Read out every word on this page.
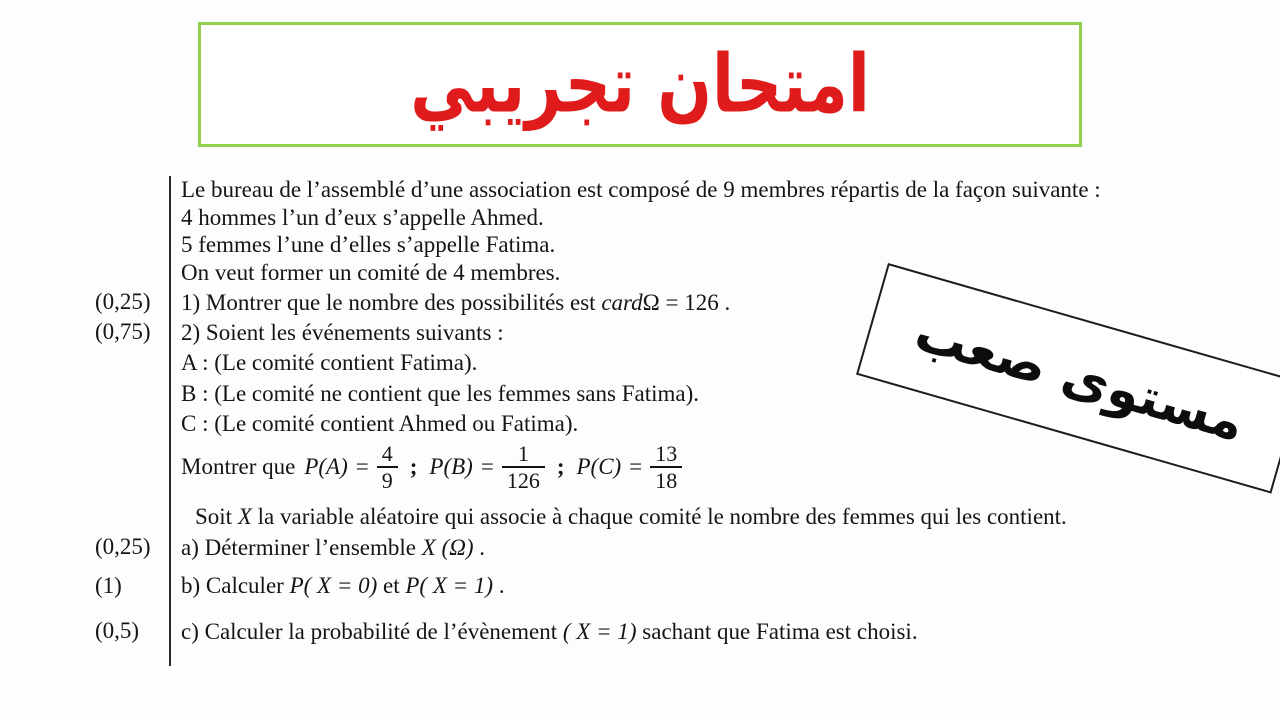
امتحان تجريبي
مستوى صعب
(0,25)
(0,75)
(0,25)
(1)
(0,5)
Le bureau de l’assemblé d’une association est composé de 9 membres répartis de la façon suivante :
4 hommes l’un d’eux s’appelle Ahmed.
5 femmes l’une d’elles s’appelle Fatima.
On veut former un comité de 4 membres.
1) Montrer que le nombre des possibilités est cardΩ = 126 .
2) Soient les événements suivants :
A : (Le comité contient Fatima).
B : (Le comité ne contient que les femmes sans Fatima).
C : (Le comité contient Ahmed ou Fatima).
Montrer que $P(A) = \frac{4}{9}$ ; $P(B) = \frac{1}{126}$ ; $P(C) = \frac{13}{18}$
Soit X la variable aléatoire qui associe à chaque comité le nombre des femmes qui les contient.
a) Déterminer l’ensemble X (Ω) .
b) Calculer P( X = 0) et P( X = 1) .
c) Calculer la probabilité de l’évènement ( X = 1) sachant que Fatima est choisi.
